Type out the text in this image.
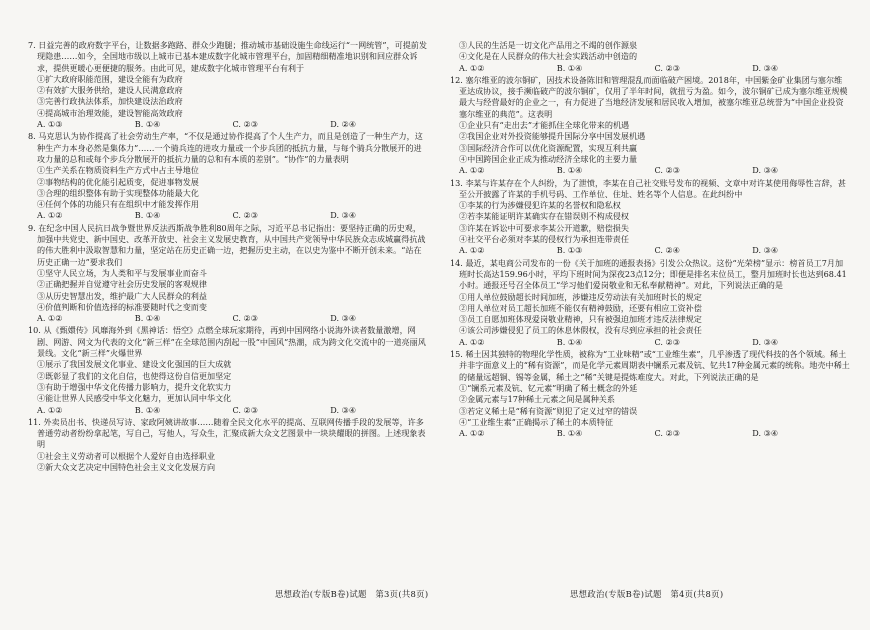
7. 日益完善的政府数字平台，让数据多跑路、群众少跑腿；推动城市基础设施生命线运行“一网统管”，可提前发现隐患……如今，全国地市级以上城市已基本建成数字化城市管理平台，加固精细精准地识别和回应群众诉求，提供更暖心更便捷的服务。由此可见，建成数字化城市管理平台有利于
①扩大政府职能范围，建设全能有为政府
②有效扩大服务供给，建设人民满意政府
③完善行政执法体系，加快建设法治政府
④提高城市治理效能，建设智能高效政府
A. ①③	B. ①④	C. ②③	D. ②④
8. 马克思认为协作提高了社会劳动生产率，“不仅是通过协作提高了个人生产力，而且是创造了一种生产力，这种生产力本身必然是集体力”……一个骑兵连的进攻力量或一个步兵团的抵抗力量，与每个骑兵分散展开的进攻力量的总和或每个步兵分散展开的抵抗力量的总和有本质的差别”。“协作”的力量表明
①生产关系在物质资料生产方式中占主导地位
②事物结构的优化能引起质变，促进事物发展
③合理的组织整体有助于实现整体功能最大化
④任何个体的功能只有在组织中才能发挥作用
A. ①②	B. ①④	C. ②③	D. ③④
9. 在纪念中国人民抗日战争暨世界反法西斯战争胜利80周年之际，习近平总书记指出：要坚持正确的历史观，加强中共党史、新中国史、改革开放史、社会主义发展史教育，从中国共产党领导中华民族众志成城赢得抗战的伟大胜利中汲取智慧和力量，坚定站在历史正确一边，把握历史主动，在以史为鉴中不断开创未来。“站在历史正确一边”要求我们
①坚守人民立场，为人类和平与发展事业而奋斗
②正确把握并自觉遵守社会历史发展的客观规律
③从历史智慧出发，维护最广大人民群众的利益
④价值判断和价值选择的标准要随时代之变而变
A. ①②	B. ①④	C. ②③	D. ③④
10. 从《甄嬛传》风靡海外到《黑神话：悟空》点燃全球玩家期待，再到中国网络小说海外读者数量激增，网剧、网游、网文为代表的文化“新三样”在全球范围内刮起一股“中国风”热潮，成为跨文化交流中的一道亮丽风景线。文化“新三样”火爆世界
①展示了我国发展文化事业、建设文化强国的巨大成就
②既彰显了我们的文化自信，也使得这份自信更加坚定
③有助于增强中华文化传播力影响力，提升文化软实力
④能让世界人民感受中华文化魅力，更加认同中华文化
A. ①②	B. ①④	C. ②③	D. ③④
11. 外卖员出书、快递员写诗、家政阿姨讲故事……随着全民文化水平的提高、互联网传播手段的发展等，许多普通劳动者纷纷拿起笔，写自己，写他人，写众生，汇聚成新大众文艺图景中一块块耀眼的拼图。上述现象表明
①社会主义劳动者可以根据个人爱好自由选择职业
②新大众文艺决定中国特色社会主义文化发展方向
③人民的生活是一切文化产品用之不竭的创作源泉
④文化是在人民群众的伟大社会实践活动中创造的
A. ①②	B. ①④	C. ②③	D. ③④
12. 塞尔维亚的波尔铜矿，因技术设备陈旧和管理混乱而面临破产困境。2018年，中国紫金矿业集团与塞尔维亚达成协议，接手濒临破产的波尔铜矿，仅用了半年时间，就扭亏为盈。如今，波尔铜矿已成为塞尔维亚规模最大与经营最好的企业之一，有力促进了当地经济发展和居民收入增加，被塞尔维亚总统誉为“中国企业投资塞尔维亚的典范”。这表明
①企业只有“走出去”才能抓住全球化带来的机遇
②我国企业对外投资能够提升国际分享中国发展机遇
③国际经济合作可以优化资源配置，实现互利共赢
④中国跨国企业正成为推动经济全球化的主要力量
A. ①②	B. ①④	C. ②③	D. ③④
13. 李某与许某存在个人纠纷，为了泄愤，李某在自己社交账号发布的视频、文章中对许某使用侮辱性言辞，甚至公开披露了许某的手机号码、工作单位、住址、姓名等个人信息。在此纠纷中
①李某的行为涉嫌侵犯许某的名誉权和隐私权
②若李某能证明许某确实存在错误则不构成侵权
③许某在诉讼中可要求李某公开道歉，赔偿损失
④社交平台必须对李某的侵权行为承担连带责任
A. ①②	B. ①③	C. ②④	D. ③④
14. 最近，某电商公司发布的一份《关于加班的通报表扬》引发公众热议。这份“光荣榜”显示：榜首员工7月加班时长高达159.96小时，平均下班时间为深夜23点12分；即便是排名末位员工，整月加班时长也达到68.41小时。通报还号召全体员工“学习他们爱岗敬业和无私奉献精神”。对此，下列说法正确的是
①用人单位鼓励超长时间加班，涉嫌违反劳动法有关加班时长的规定
②用人单位对员工超长加班不能仅有精神鼓励，还要有相应工资补偿
③员工自愿加班体现爱岗敬业精神，只有被强迫加班才违反法律规定
④该公司涉嫌侵犯了员工的休息休假权，没有尽到应承担的社会责任
A. ①②	B. ①④	C. ②③	D. ③④
15. 稀土因其独特的物理化学性质，被称为“工业味精”或“工业维生素”，几乎渗透了现代科技的各个领域。稀土并非字面意义上的“稀有资源”，而是化学元素周期表中镧系元素及钪、钇共17种金属元素的统称。地壳中稀土的储量远超铜、锡等金属，稀土之“稀”关键是提炼难度大。对此，下列说法正确的是
①“镧系元素及钪、钇元素”明确了稀土概念的外延
②金属元素与17种稀土元素之间是属种关系
③若定义稀土是“稀有资源”则犯了定义过窄的错误
④“工业维生素”正确揭示了稀土的本质特征
A. ①②	B. ①④	C. ②③	D. ③④
思想政治(专版B卷)试题　第3页(共8页)	思想政治(专版B卷)试题　第4页(共8页)
